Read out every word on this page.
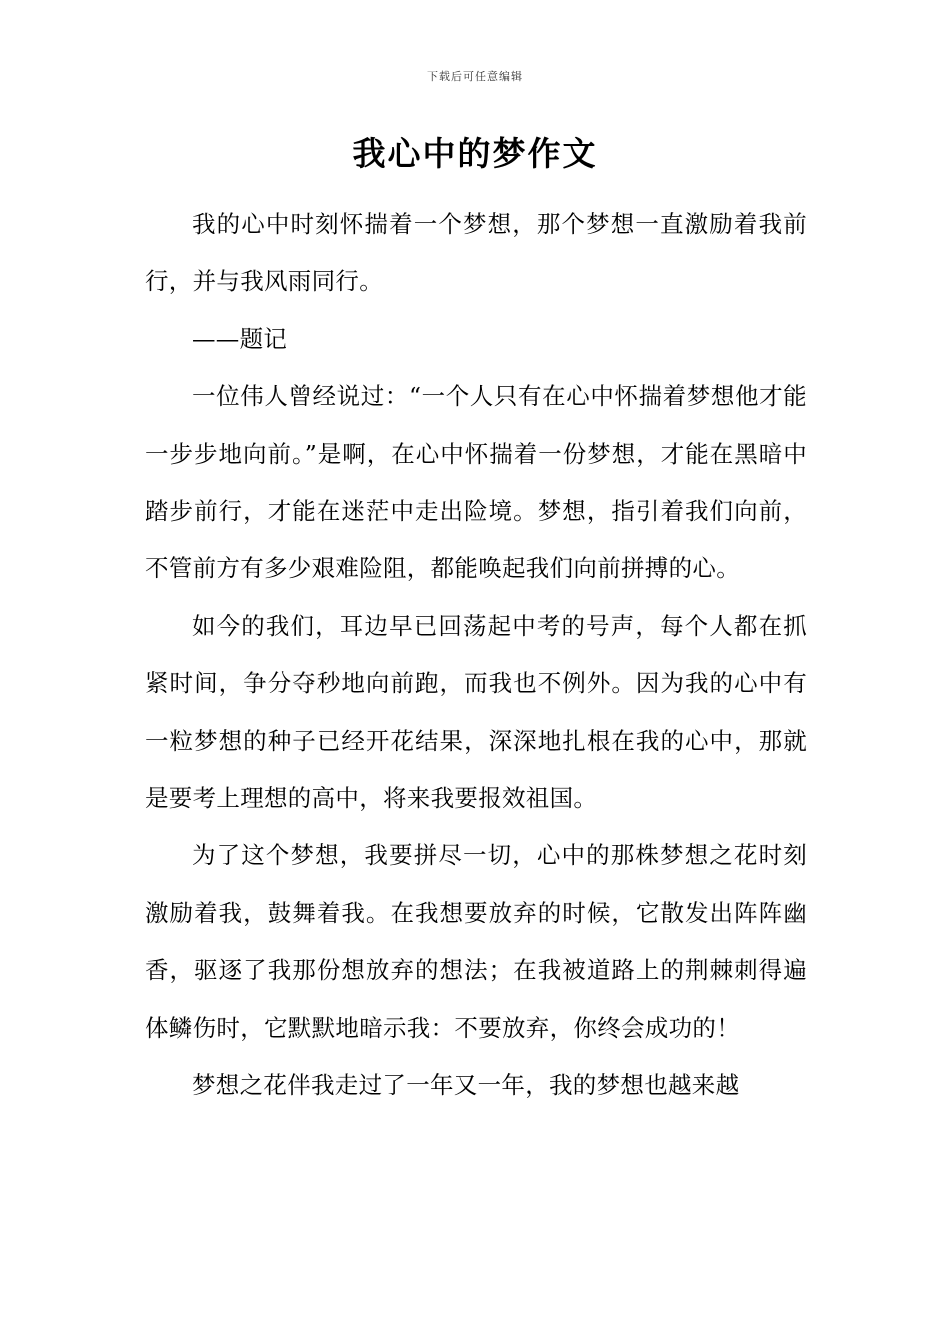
下载后可任意编辑
我心中的梦作文

我的心中时刻怀揣着一个梦想，那个梦想一直激励着我前行，并与我风雨同行。

——题记

一位伟人曾经说过：“一个人只有在心中怀揣着梦想他才能一步步地向前。”是啊，在心中怀揣着一份梦想，才能在黑暗中踏步前行，才能在迷茫中走出险境。梦想，指引着我们向前，不管前方有多少艰难险阻，都能唤起我们向前拼搏的心。

如今的我们，耳边早已回荡起中考的号声，每个人都在抓紧时间，争分夺秒地向前跑，而我也不例外。因为我的心中有一粒梦想的种子已经开花结果，深深地扎根在我的心中，那就是要考上理想的高中，将来我要报效祖国。

为了这个梦想，我要拼尽一切，心中的那株梦想之花时刻激励着我，鼓舞着我。在我想要放弃的时候，它散发出阵阵幽香，驱逐了我那份想放弃的想法；在我被道路上的荆棘刺得遍体鳞伤时，它默默地暗示我：不要放弃，你终会成功的！

梦想之花伴我走过了一年又一年，我的梦想也越来越
